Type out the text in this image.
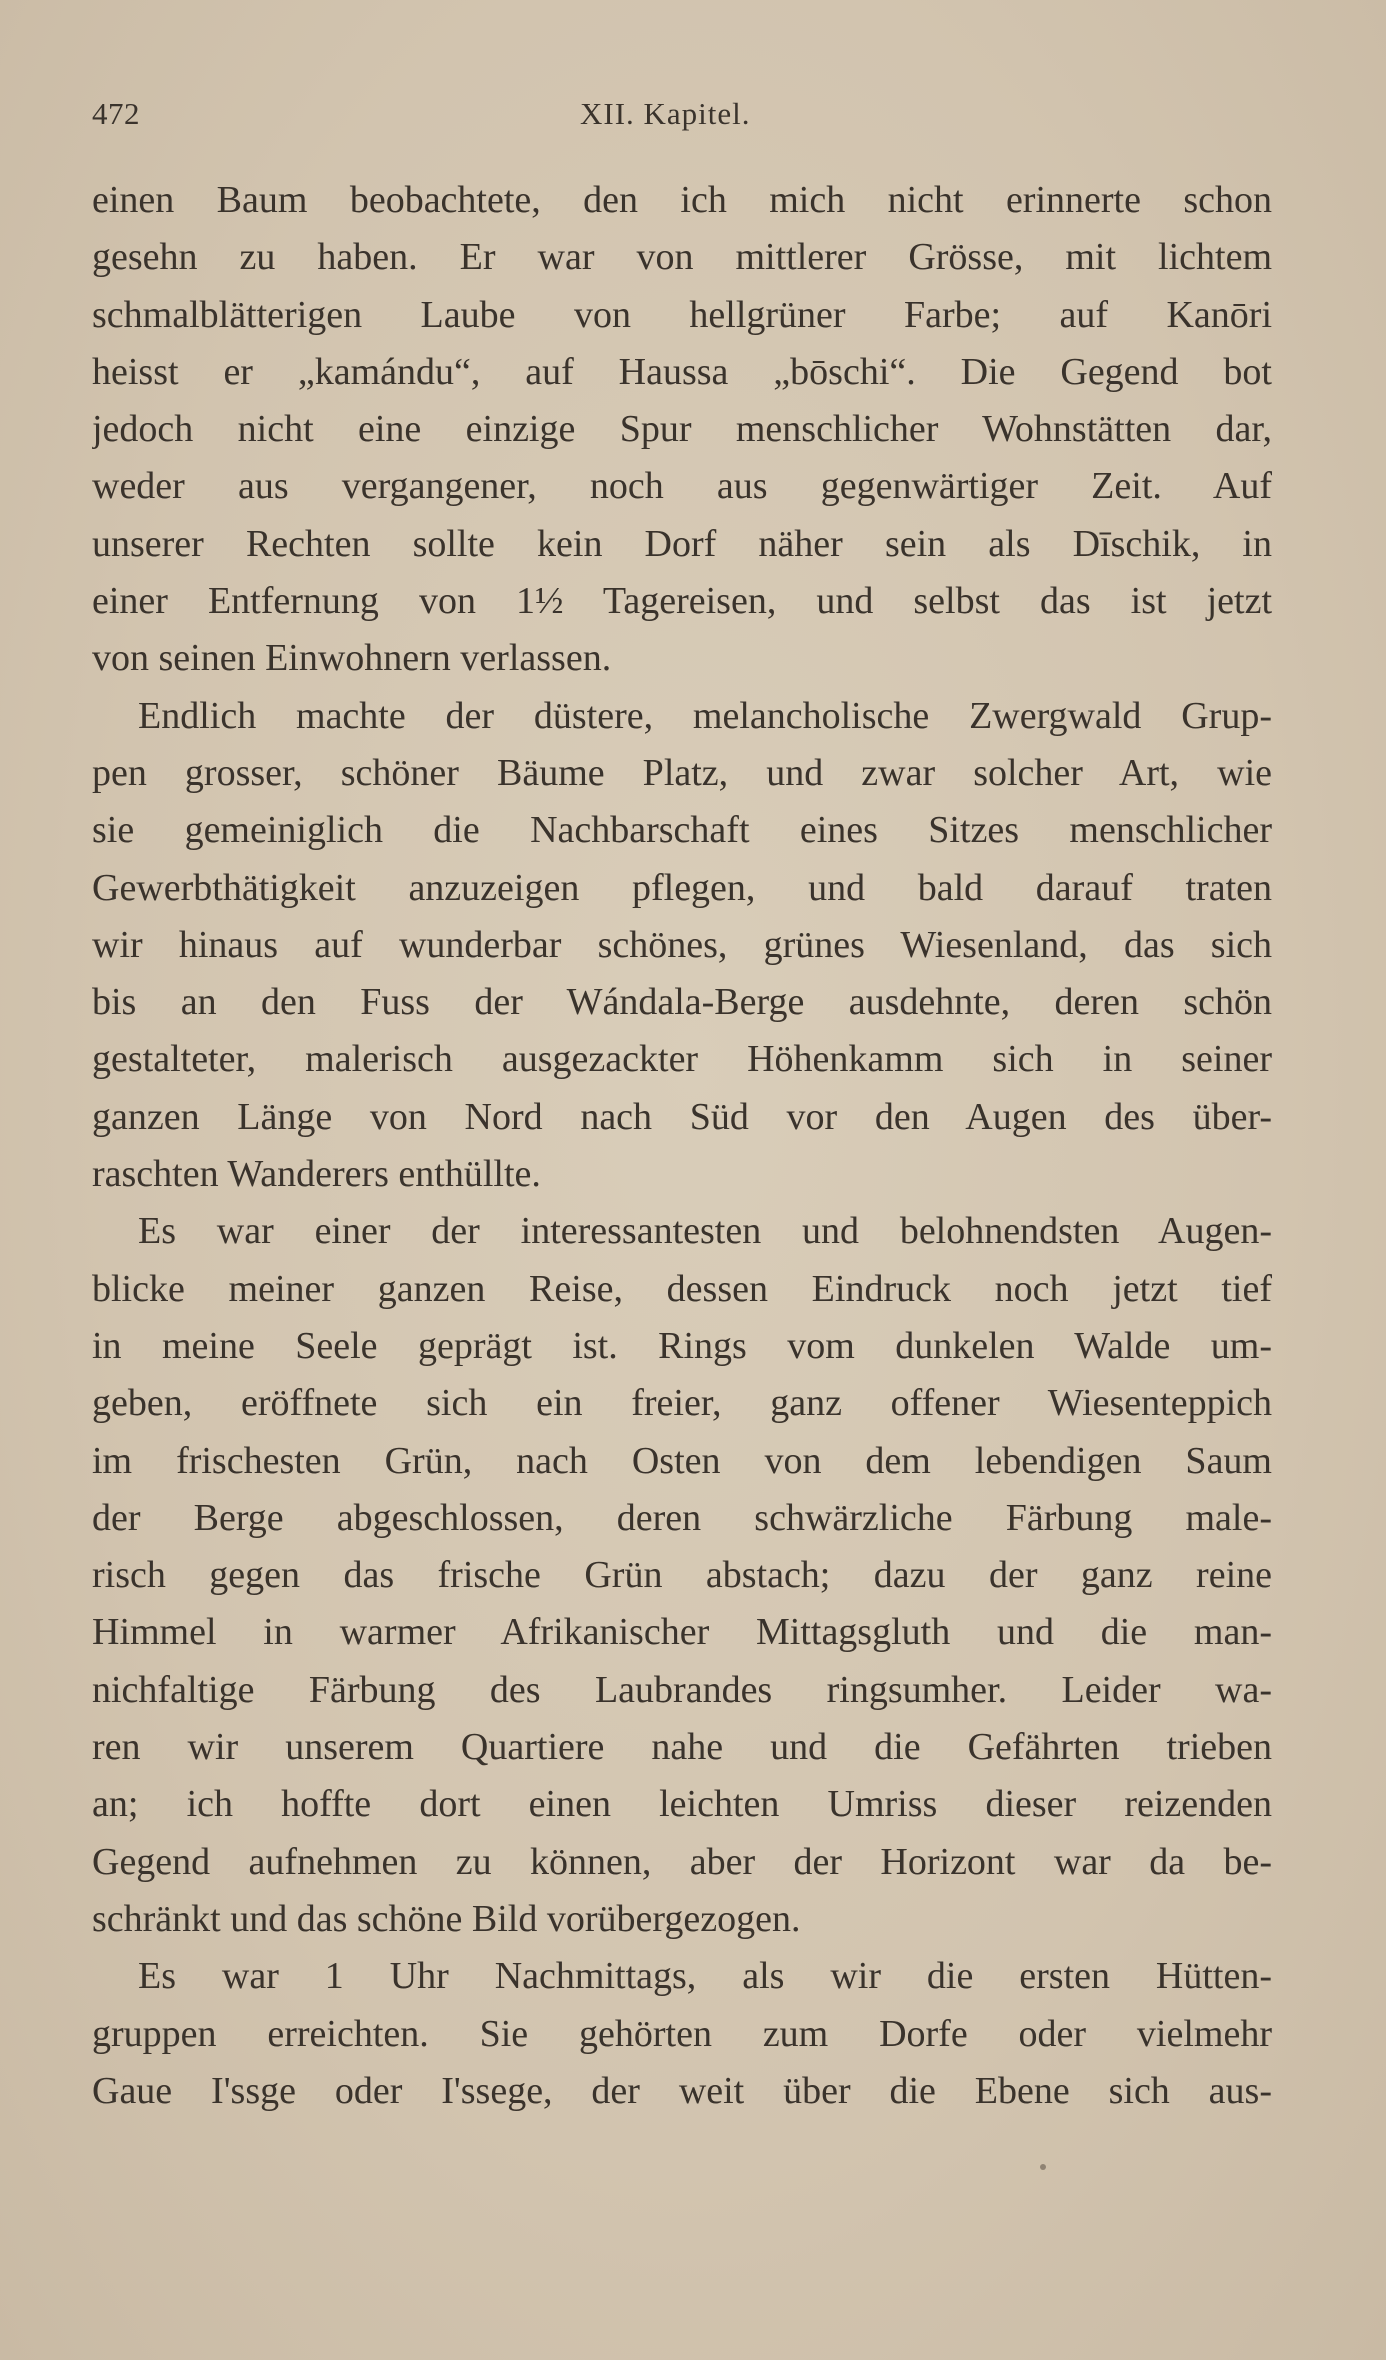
472	XII. Kapitel.
einen Baum beobachtete, den ich mich nicht erinnerte schon
gesehn zu haben. Er war von mittlerer Grösse, mit lichtem
schmalblätterigen Laube von hellgrüner Farbe; auf Kanōri
heisst er „kamándu“, auf Haussa „bōschi“. Die Gegend bot
jedoch nicht eine einzige Spur menschlicher Wohnstätten dar,
weder aus vergangener, noch aus gegenwärtiger Zeit. Auf
unserer Rechten sollte kein Dorf näher sein als Dīschik, in
einer Entfernung von 1½ Tagereisen, und selbst das ist jetzt
von seinen Einwohnern verlassen.
Endlich machte der düstere, melancholische Zwergwald Grup-
pen grosser, schöner Bäume Platz, und zwar solcher Art, wie
sie gemeiniglich die Nachbarschaft eines Sitzes menschlicher
Gewerbthätigkeit anzuzeigen pflegen, und bald darauf traten
wir hinaus auf wunderbar schönes, grünes Wiesenland, das sich
bis an den Fuss der Wándala-Berge ausdehnte, deren schön
gestalteter, malerisch ausgezackter Höhenkamm sich in seiner
ganzen Länge von Nord nach Süd vor den Augen des über-
raschten Wanderers enthüllte.
Es war einer der interessantesten und belohnendsten Augen-
blicke meiner ganzen Reise, dessen Eindruck noch jetzt tief
in meine Seele geprägt ist. Rings vom dunkelen Walde um-
geben, eröffnete sich ein freier, ganz offener Wiesenteppich
im frischesten Grün, nach Osten von dem lebendigen Saum
der Berge abgeschlossen, deren schwärzliche Färbung male-
risch gegen das frische Grün abstach; dazu der ganz reine
Himmel in warmer Afrikanischer Mittagsgluth und die man-
nichfaltige Färbung des Laubrandes ringsumher. Leider wa-
ren wir unserem Quartiere nahe und die Gefährten trieben
an; ich hoffte dort einen leichten Umriss dieser reizenden
Gegend aufnehmen zu können, aber der Horizont war da be-
schränkt und das schöne Bild vorübergezogen.
Es war 1 Uhr Nachmittags, als wir die ersten Hütten-
gruppen erreichten. Sie gehörten zum Dorfe oder vielmehr
Gaue I'ssge oder I'ssege, der weit über die Ebene sich aus-
